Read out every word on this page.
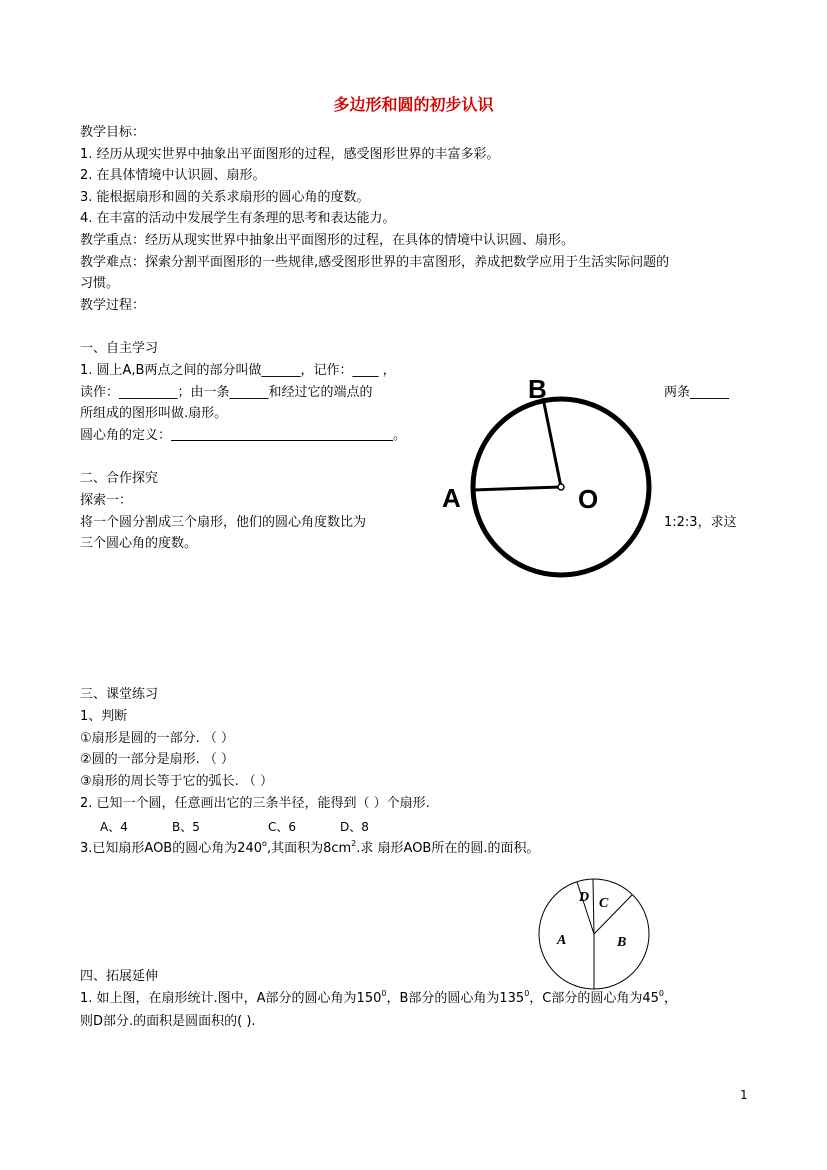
多边形和圆的初步认识
教学目标：
1. 经历从现实世界中抽象出平面图形的过程，感受图形世界的丰富多彩。
2. 在具体情境中认识圆、扇形。
3. 能根据扇形和圆的关系求扇形的圆心角的度数。
4. 在丰富的活动中发展学生有条理的思考和表达能力。
教学重点：经历从现实世界中抽象出平面图形的过程，在具体的情境中认识圆、扇形。
教学难点：探索分割平面图形的一些规律,感受图形世界的丰富图形，养成把数学应用于生活实际问题的
习惯。
教学过程：
一、自主学习
1. 圆上A,B两点之间的部分叫做______，记作：____ ，
读作：_________；由一条______和经过它的端点的	两条______
所组成的图形叫做.扇形。
圆心角的定义：	。
二、合作探究
探索一：
将一个圆分割成三个扇形，他们的圆心角度数比为	1:2:3，求这
三个圆心角的度数。
A
B
O
三、课堂练习
1、判断
①扇形是圆的一部分. （ ）
②圆的一部分是扇形. （ ）
③扇形的周长等于它的弧长. （ ）
2. 已知一个圆，任意画出它的三条半径，能得到（ ）个扇形.
A、4	B、5	C、6	D、8
3.已知扇形AOB的圆心角为240$^o$,其面积为$8cm^2$.求 扇形AOB所在的圆.的面积。
A	B
C
D
四、拓展延伸
1. 如上图，在扇形统计.图中，A部分的圆心角为$150^0$，B部分的圆心角为$135^0$，C部分的圆心角为$45^0$，
则D部分.的面积是圆面积的( ).
1
